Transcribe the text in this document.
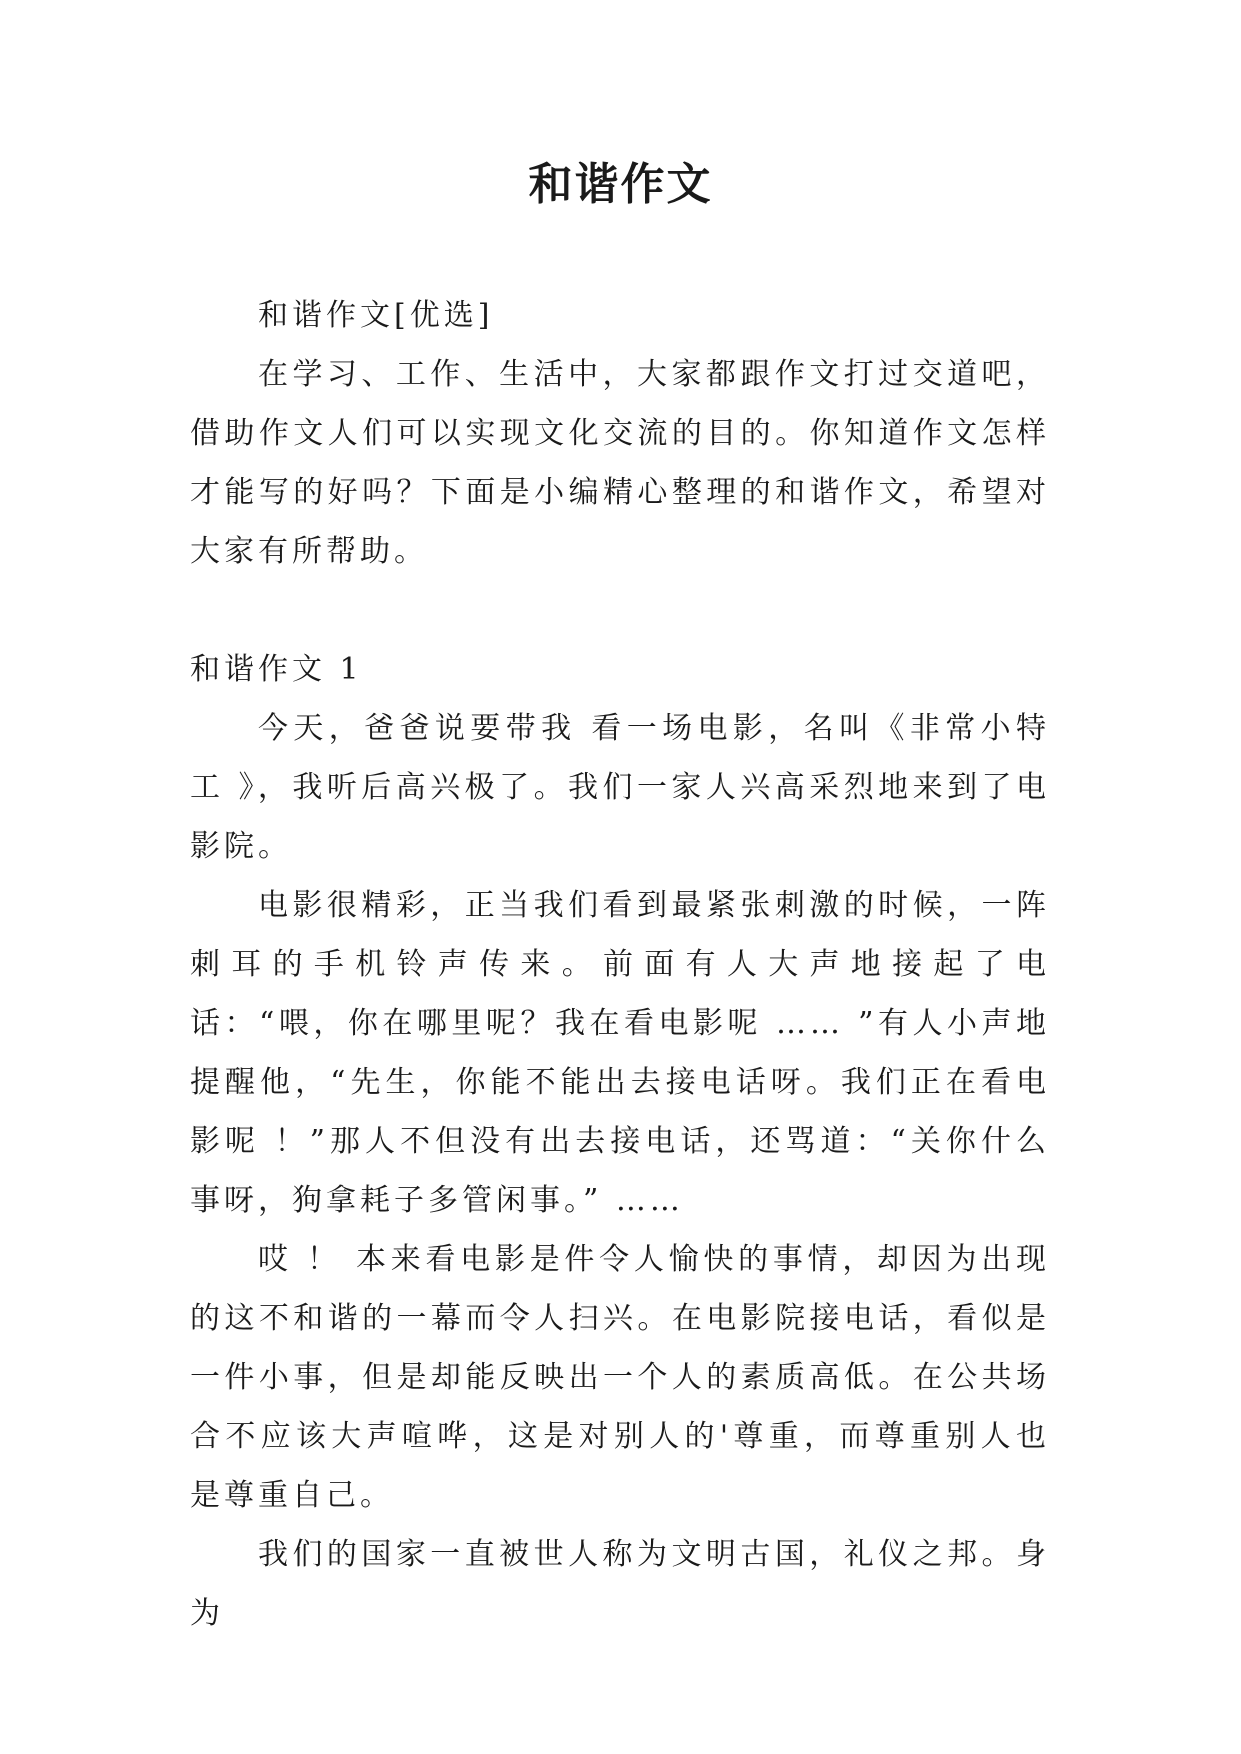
和谐作文

和谐作文[优选]

在学习、工作、生活中，大家都跟作文打过交道吧，借助作文人们可以实现文化交流的目的。你知道作文怎样才能写的好吗？下面是小编精心整理的和谐作文，希望对大家有所帮助。

和谐作文 1

今天，爸爸说要带我 看一场电影，名叫《非常小特工 》，我听后高兴极了。我们一家人兴高采烈地来到了电影院。

电影很精彩，正当我们看到最紧张刺激的时候，一阵刺耳的手机铃声传来。前面有人大声地接起了电话：“喂，你在哪里呢？我在看电影呢 …… ”有人小声地提醒他，“先生，你能不能出去接电话呀。我们正在看电影呢 ！”那人不但没有出去接电话，还骂道：“关你什么事呀，狗拿耗子多管闲事。” ……

哎 ！ 本来看电影是件令人愉快的事情，却因为出现的这不和谐的一幕而令人扫兴。在电影院接电话，看似是一件小事，但是却能反映出一个人的素质高低。在公共场合不应该大声喧哗，这是对别人的'尊重，而尊重别人也是尊重自己。

我们的国家一直被世人称为文明古国，礼仪之邦。身为
